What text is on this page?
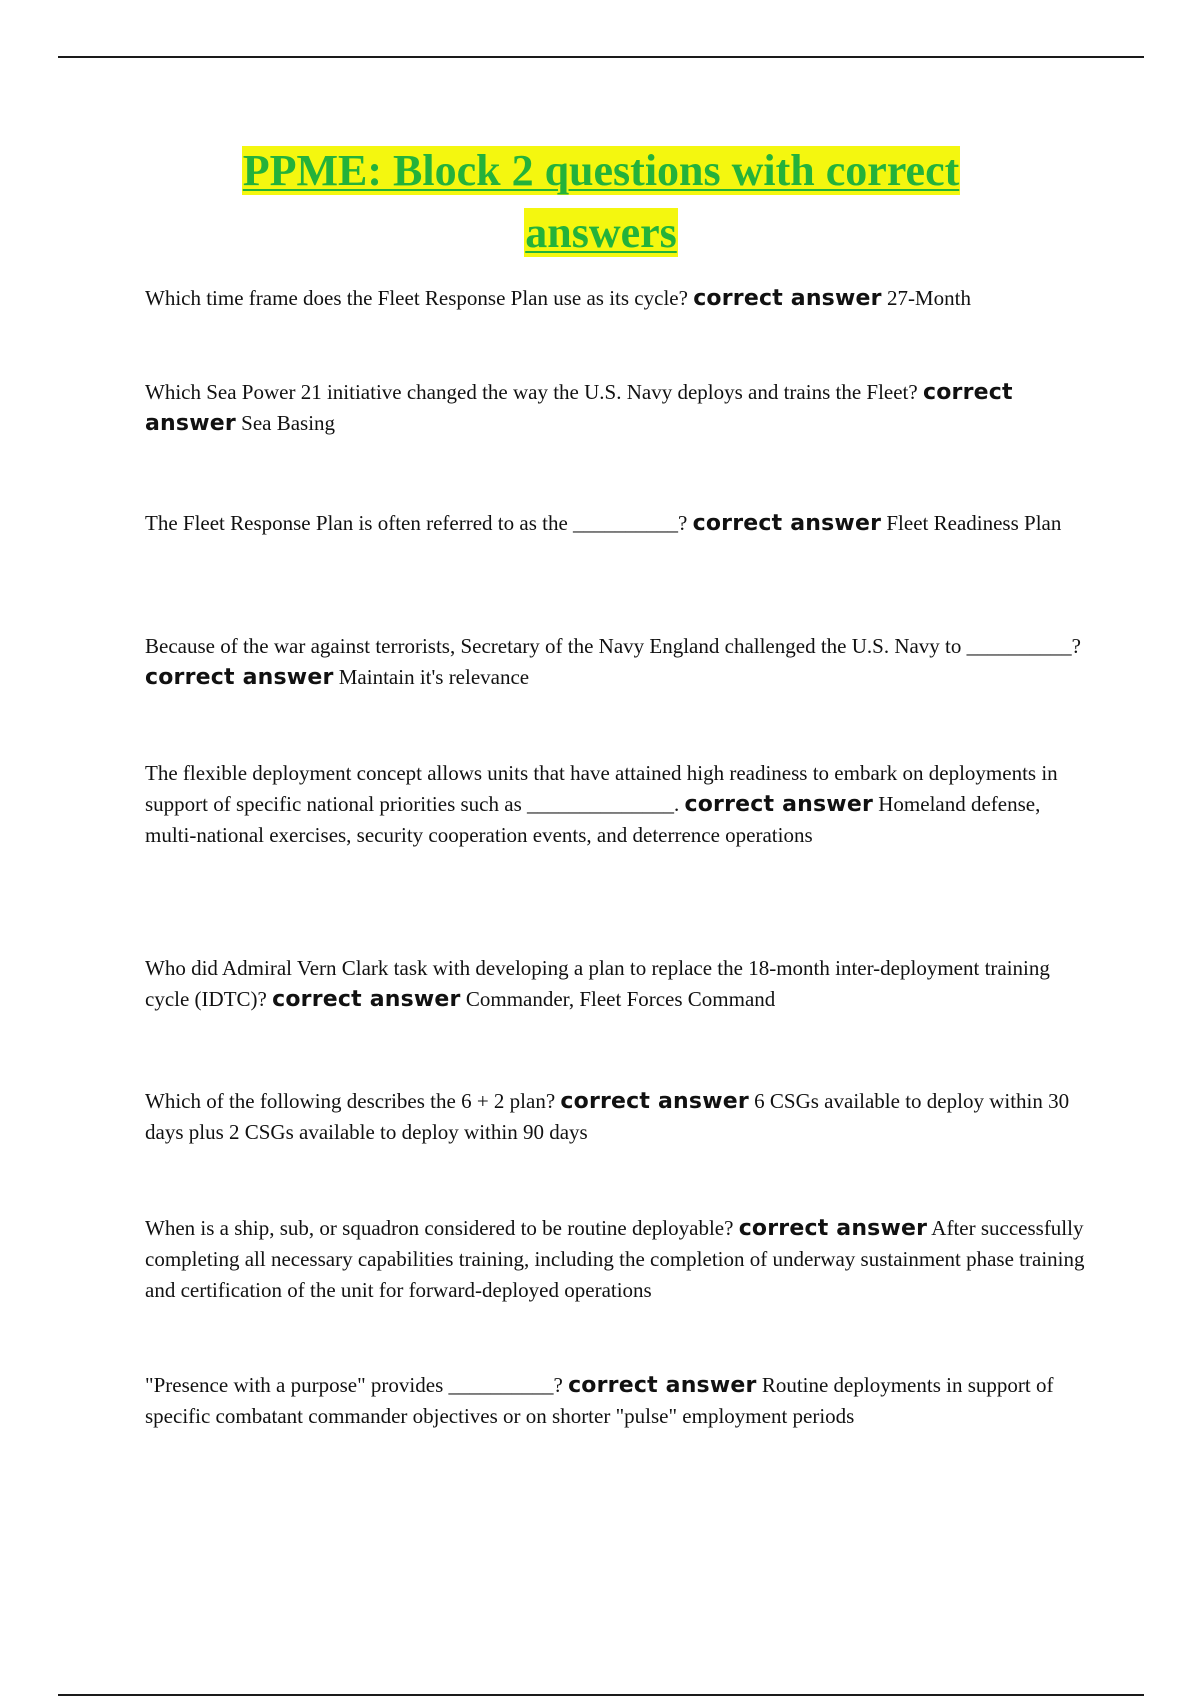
PPME: Block 2 questions with correct
answers
Which time frame does the Fleet Response Plan use as its cycle? correct answer 27-Month
Which Sea Power 21 initiative changed the way the U.S. Navy deploys and trains the Fleet? correct answer Sea Basing
The Fleet Response Plan is often referred to as the __________? correct answer Fleet Readiness Plan
Because of the war against terrorists, Secretary of the Navy England challenged the U.S. Navy to __________? correct answer Maintain it's relevance
The flexible deployment concept allows units that have attained high readiness to embark on deployments in support of specific national priorities such as ______________. correct answer Homeland defense, multi-national exercises, security cooperation events, and deterrence operations
Who did Admiral Vern Clark task with developing a plan to replace the 18-month inter-deployment training cycle (IDTC)? correct answer Commander, Fleet Forces Command
Which of the following describes the 6 + 2 plan? correct answer 6 CSGs available to deploy within 30 days plus 2 CSGs available to deploy within 90 days
When is a ship, sub, or squadron considered to be routine deployable? correct answer After successfully completing all necessary capabilities training, including the completion of underway sustainment phase training and certification of the unit for forward-deployed operations
"Presence with a purpose" provides __________? correct answer Routine deployments in support of specific combatant commander objectives or on shorter "pulse" employment periods
